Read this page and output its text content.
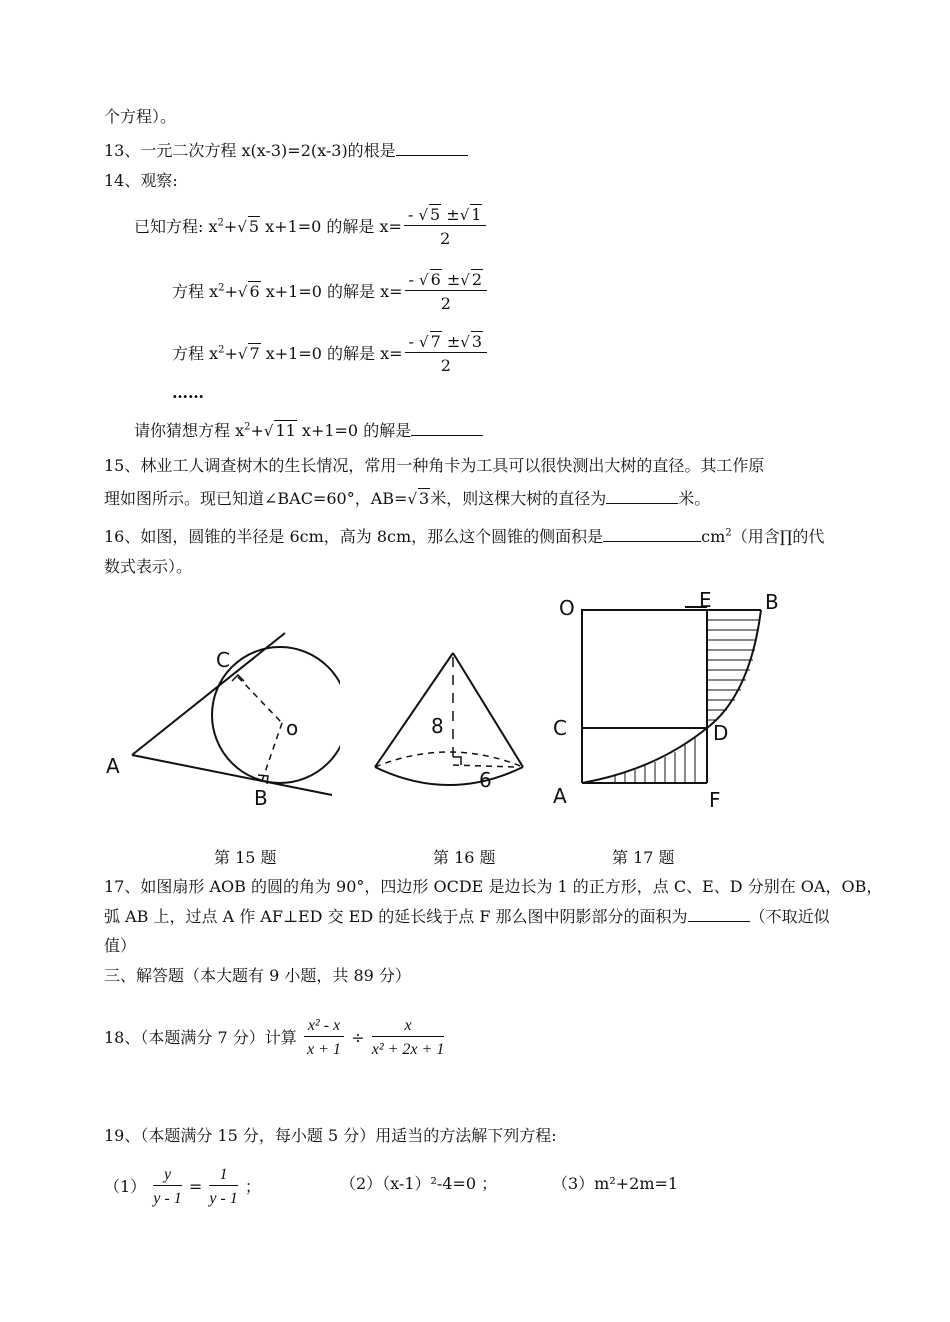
个方程）。
13、一元二次方程 x(x-3)=2(x-3)的根是
14、观察:
已知方程: $x^2+√$ 5 x+1=0 的解是 $x= \frac{- √ 5 \pm√ 1}{2}$
方程 $x^2+√$ 6 x+1=0 的解是 $x= \frac{- √ 6 \pm√ 2}{2}$
方程 $x^2+√$ 7 x+1=0 的解是 $x= \frac{- √ 7 \pm√ 3}{2}$
……
请你猜想方程 $x^2+√$ 11 x+1=0 的解是
15、林业工人调查树木的生长情况，常用一种角卡为工具可以很快测出大树的直径。其工作原
理如图所示。现已知道∠BAC=60°，AB=√ 3米，则这棵大树的直径为	米。
16、如图，圆锥的半径是 6cm，高为 8cm，那么这个圆锥的侧面积是	$cm^2$（用含∏的代
数式表示）。
A
B
C
o	8
6
O	E	B
C	D
A	F
第 15 题	第 16 题	第 17 题
17、如图扇形 AOB 的圆的角为 90°，四边形 OCDE 是边长为 1 的正方形，点 C、E、D 分别在 OA，OB，
弧 AB 上，过点 A 作 AF⊥ED 交 ED 的延长线于点 F 那么图中阴影部分的面积为	（不取近似
值）
三、解答题（本大题有 9 小题，共 89 分）
18、（本题满分 7 分）计算 $\frac{\text{x² - x}}{x + 1} \div \frac{x}{\text{x² + 2x + 1}}$
19、（本题满分 15 分，每小题 5 分）用适当的方法解下列方程:
$(1) \frac{y}{y - 1} = \frac{1}{y - 1}$ ；	（2）（x-1）²-4=0 ；	（3）m²+2m=1
